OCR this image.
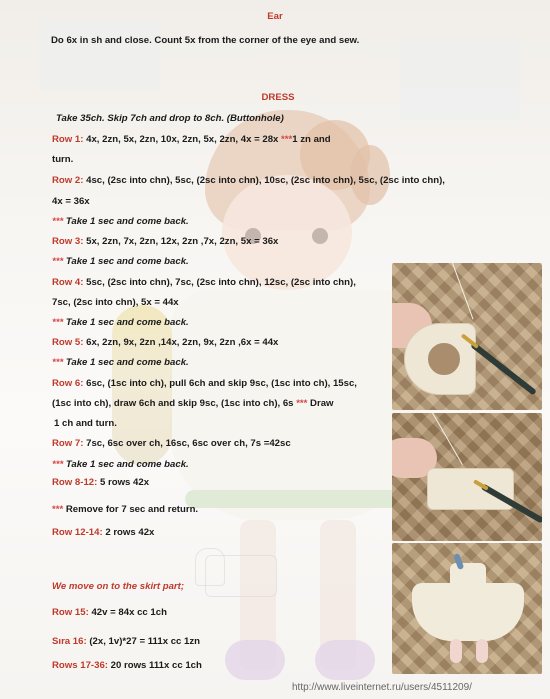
Ear
Do 6x in sh and close. Count 5x from the corner of the eye and sew.
DRESS
Take 35ch. Skip 7ch and drop to 8ch. (Buttonhole)
Row 1: 4x, 2zn, 5x, 2zn, 10x, 2zn, 5x, 2zn, 4x = 28x ***1 zn and
turn.
Row 2: 4sc, (2sc into chn), 5sc, (2sc into chn), 10sc, (2sc into chn), 5sc, (2sc into chn),
4x = 36x
*** Take 1 sec and come back.
Row 3: 5x, 2zn, 7x, 2zn, 12x, 2zn ,7x, 2zn, 5x = 36x
*** Take 1 sec and come back.
Row 4: 5sc, (2sc into chn), 7sc, (2sc into chn), 12sc, (2sc into chn),
7sc, (2sc into chn), 5x = 44x
*** Take 1 sec and come back.
Row 5: 6x, 2zn, 9x, 2zn ,14x, 2zn, 9x, 2zn ,6x = 44x
*** Take 1 sec and come back.
Row 6: 6sc, (1sc into ch), pull 6ch and skip 9sc, (1sc into ch), 15sc,
(1sc into ch), draw 6ch and skip 9sc, (1sc into ch), 6s *** Draw
1 ch and turn.
Row 7: 7sc, 6sc over ch, 16sc, 6sc over ch, 7s =42sc
*** Take 1 sec and come back.
Row 8-12: 5 rows 42x
*** Remove for 7 sec and return.
Row 12-14: 2 rows 42x
We move on to the skirt part;
Row 15: 42v = 84x cc 1ch
Sıra 16: (2x, 1v)*27 = 111x cc 1zn
Rows 17-36: 20 rows 111x cc 1ch
http://www.liveinternet.ru/users/4511209/
